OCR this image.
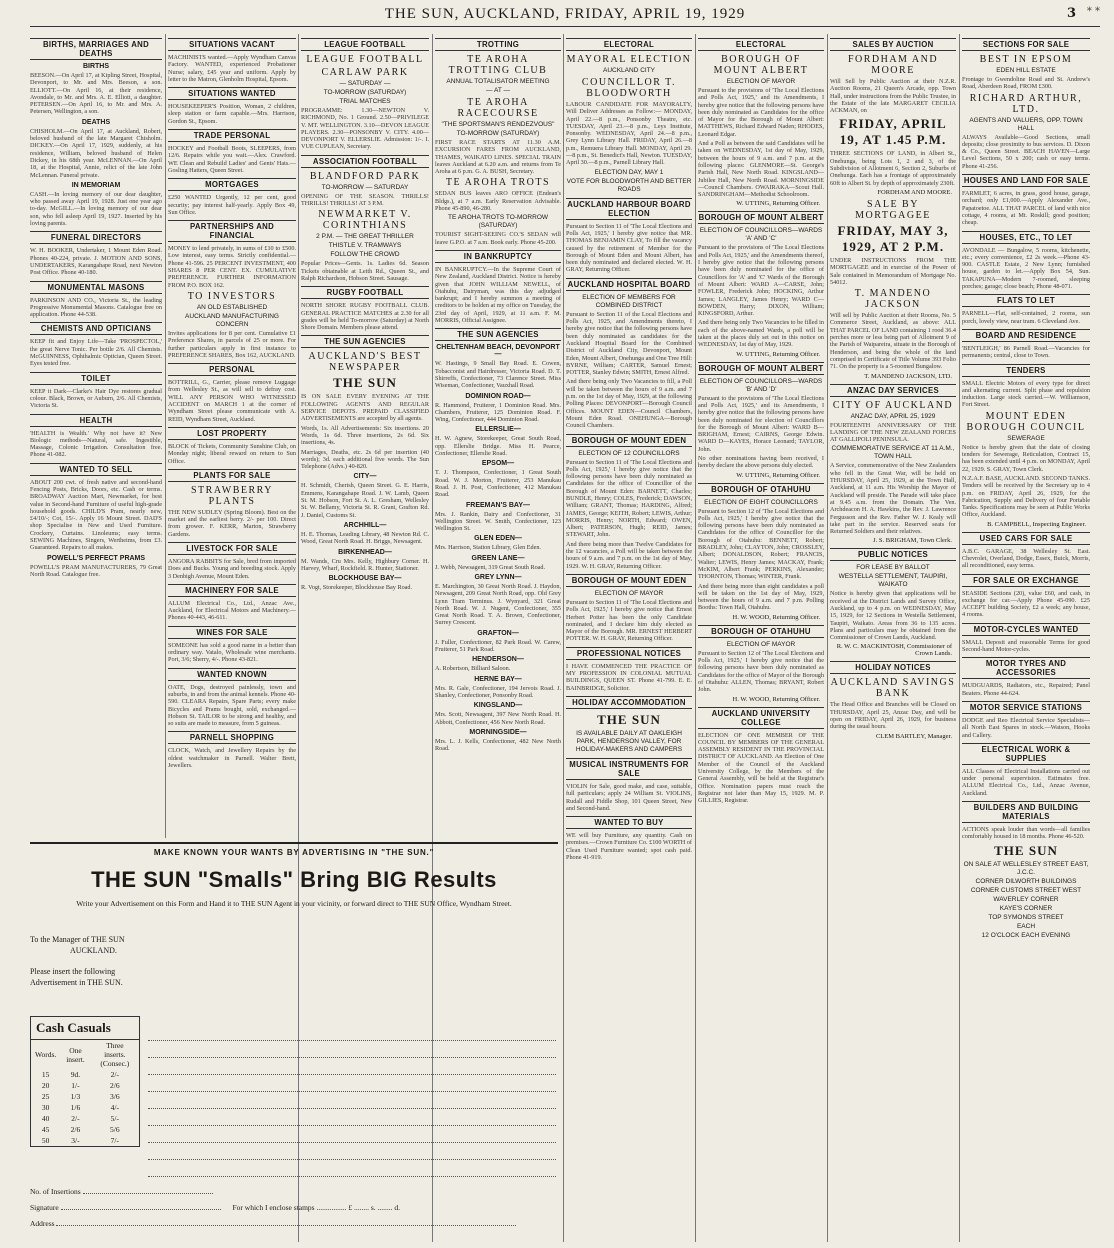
THE SUN, AUCKLAND, FRIDAY, APRIL 19, 1929	3 * *
BIRTHS, MARRIAGES AND DEATHS
BIRTHS
BEESON.—On April 17, at Kipling Street, Hospital, Devonport, to Mr. and Mrs. Beeson, a son. ELLIOTT.—On April 16, at their residence, Avondale, to Mr. and Mrs. A. E. Elliott, a daughter. PETERSEN.—On April 16, to Mr. and Mrs. A. Petersen, Wellington, a son.
DEATHS
CHISHOLM.—On April 17, at Auckland, Robert, beloved husband of the late Margaret Chisholm. DICKEY.—On April 17, 1929, suddenly, at his residence, William, beloved husband of Helen Dickey, in his 68th year. McLENNAN.—On April 18, at the Hospital, Annie, relict of the late John McLennan. Funeral private.
IN MEMORIAM
CASH.—In loving memory of our dear daughter, who passed away April 19, 1928. Just one year ago to-day. McGILL.—In loving memory of our dear son, who fell asleep April 19, 1927. Inserted by his loving parents.
FUNERAL DIRECTORS
W. H. BOOKER, Undertaker, 1 Mount Eden Road. Phones 40-224, private. J. MOTION AND SONS, UNDERTAKERS, Karangahape Road, next Newton Post Office. Phone 40-180.
MONUMENTAL MASONS
PARKINSON AND CO., Victoria St., the leading Progressive Monumental Masons. Catalogue free on application. Phone 44-538.
CHEMISTS AND OPTICIANS
KEEP fit and Enjoy Life—Take 'PROSPECTOL,' the great Nerve Tonic. Per bottle 2/6. All Chemists. McGUINNESS, Ophthalmic Optician, Queen Street. Eyes tested free.
TOILET
KEEP it Dark—Clarke's Hair Dye restores gradual colour. Black, Brown, or Auburn, 2/6. All Chemists, Victoria St.
HEALTH
'HEALTH is Wealth.' Why not have it? New Biologic methods—Natural, safe. Ingestible, Massage, Colonic Irrigation. Consultation free. Phone 41-082.
WANTED TO SELL
ABOUT 200 cwt. of fresh native and second-hand Fencing Posts, Bricks, Doors, etc. Cash or terms. BROADWAY Auction Mart, Newmarket, for best value in Second-hand Furniture of useful high-grade household goods. CHILD'S Pram, nearly new, £4/10/-; Cot, 15/-. Apply 16 Mount Street. DAD'S shop Specialise in New and Used Furniture. Crockery, Curtains. Linoleums; easy terms. SEWING Machines, Singers, Wertheims, from £3. Guaranteed. Repairs to all makes.
POWELL'S PERFECT PRAMS
POWELL'S PRAM MANUFACTURERS, 79 Great North Road. Catalogue free.
SITUATIONS VACANT
MACHINISTS wanted.—Apply Wyndham Canvas Factory. WANTED, experienced Probationer Nurse; salary, £45 year and uniform. Apply by letter to the Matron, Glenholm Hospital, Epsom.
SITUATIONS WANTED
HOUSEKEEPER'S Position, Woman, 2 children, sleep station or farm capable.—Mrs. Harrison, Gordon St., Epsom.
TRADE PERSONAL
HOCKEY and Football Boots, SLEEPERS, from 12/6. Repairs while you wait.—Alex. Crawford. WE Clean and Rebuild Ladies' and Gents' Hats.—Gosling Hatters, Queen Street.
MORTGAGES
£250 WANTED Urgently, 12 per cent, good security; pay interest half-yearly. Apply Box 49, Sun Office.
PARTNERSHIPS AND FINANCIAL
MONEY to lend privately, in sums of £10 to £500. Low interest, easy terms. Strictly confidential.—Phone 41-596. 25 PERCENT INVESTMENT, 400 SHARES 8 PER CENT. EX. CUMULATIVE PREFERENCE. FURTHER INFORMATION FROM P.O. BOX 162.
TO INVESTORS
AN OLD ESTABLISHED
AUCKLAND MANUFACTURING CONCERN
Invites applications for 8 per cent. Cumulative £1 Preference Shares, in parcels of 25 or more. For further particulars apply in first instance to PREFERENCE SHARES, Box 162, AUCKLAND.
PERSONAL
BOTTRILL, G., Carrier, please remove Luggage from Wellesley St., as will sell to defray cost. WILL ANY PERSON WHO WITNESSED ACCIDENT on MARCH 1 at the corner of Wyndham Street please communicate with A. REID, Wyndham Street, Auckland.
LOST PROPERTY
BLOCK of Tickets, Community Sunshine Club, on Monday night; liberal reward on return to Sun Office.
PLANTS FOR SALE
STRAWBERRY PLANTS
THE NEW SUDLEY (Spring Bloom). Best on the market and the earliest berry. 2/- per 100. Direct from grower. F. KERR, Marton, Strawberry Gardens.
LIVESTOCK FOR SALE
ANGORA RABBITS for Sale, bred from imported Does and Bucks. Young and breeding stock. Apply 3 Denbigh Avenue, Mount Eden.
MACHINERY FOR SALE
ALLUM Electrical Co., Ltd., Anzac Ave., Auckland, for Electrical Motors and Machinery.—Phones 40-443, 46-611.
WINES FOR SALE
SOMEONE has sold a good name in a better than ordinary way. Vatalo, Wholesale wine merchants. Port, 3/6; Sherry, 4/-. Phone 43-821.
WANTED KNOWN
OATE, Dogs, destroyed painlessly, town and suburbs, in and from the animal kennels. Phone 40-590. CLEARA Repairs, Spare Parts; every make Bicycles and Prams bought, sold, exchanged.—Hobson St. TAILOR to be strong and healthy, and so suits are made to measure, from 5 guineas.
PARNELL SHOPPING
CLOCK, Watch, and Jewellery Repairs by the oldest watchmaker in Parnell. Walter Brett, Jewellers.
LEAGUE FOOTBALL
LEAGUE FOOTBALL
CARLAW PARK
— SATURDAY —
TO-MORROW (SATURDAY)
TRIAL MATCHES
PROGRAMME: 1.30—NEWTON V. RICHMOND, No. 1 Ground. 2.50—PRIVILEGE V. MT. WELLINGTON. 3.10—DEVON LEAGUE PLAYERS. 2.30—PONSONBY V. CITY. 4.00—DEVONPORT V. ELLERSLIE. Admission: 1/-. I. VUE CUPLEAN, Secretary.
ASSOCIATION FOOTBALL
BLANDFORD PARK
TO-MORROW — SATURDAY
OPENING OF THE SEASON. THRILLS! THRILLS! THRILLS! AT 3 P.M.
NEWMARKET V. CORINTHIANS
2 P.M. — THE GREAT THRILLER
THISTLE V. TRAMWAYS
FOLLOW THE CROWD
Popular Prices—Gents. 1s. Ladies 6d. Season Tickets obtainable at Leith Rd., Queen St., and Ralph Richardson, Hobson Street. Sausage.
RUGBY FOOTBALL
NORTH SHORE RUGBY FOOTBALL CLUB. GENERAL PRACTICE MATCHES at 2.30 for all grades will be held To-morrow (Saturday) at North Shore Domain. Members please attend.
THE SUN AGENCIES
AUCKLAND'S BEST NEWSPAPER
THE SUN
IS ON SALE EVERY EVENING AT THE FOLLOWING AGENTS AND REGULAR SERVICE DEPOTS. PREPAID CLASSIFIED ADVERTISEMENTS are accepted by all agents.
Words, 1s. All Advertisements: Six insertions. 20 Words, 1s 6d. Three insertions, 2s 6d. Six insertions, 4s.
Marriages, Deaths, etc. 2s 6d per insertion (40 words); 3d. each additional five words. The Sun Telephone (Advs.) 40-820.
CITY—
H. Schmidt, Cherish, Queen Street. G. E. Harris, Emmens, Karangahape Road. J. W. Lamb, Queen St. M. Hobson, Fort St. A. L. Gresham, Wellesley St. W. Bellamy, Victoria St. R. Grant, Grafton Rd. J. Daniel, Customs St.
ARCHHILL—
H. E. Thomas, Leading Library, 48 Newton Rd. C. Wood, Great North Road. H. Briggs, Newsagent.
BIRKENHEAD—
M. Wands, Cru Mrs. Kelly, Highbury Corner. H. Harvey, Wharf, Rockfield. R. Hunter, Stationer.
BLOCKHOUSE BAY—
R. Vogt, Storekeeper, Blockhouse Bay Road.
TROTTING
TE AROHA TROTTING CLUB
ANNUAL TOTALISATOR MEETING
— AT —
TE AROHA RACECOURSE
"THE SPORTSMAN'S RENDEZVOUS"
TO-MORROW (SATURDAY)
FIRST RACE STARTS AT 11.30 A.M. EXCURSION FARES FROM AUCKLAND, THAMES, WAIKATO LINES. SPECIAL TRAIN leaves Auckland at 6.20 a.m. and returns from Te Aroha at 6 p.m. G. A. BUSH, Secretary.
TE AROHA TROTS
SEDAN BUS leaves ARO OFFICE (Endean's Bldgs.), at 7 a.m. Early Reservation Advisable. Phone 45-890, 46-280.
TE AROHA TROTS TO-MORROW (SATURDAY)
TOURIST SIGHT-SEEING CO.'S SEDAN will leave G.P.O. at 7 a.m. Book early. Phone 45-200.
IN BANKRUPTCY
IN BANKRUPTCY.—In the Supreme Court of New Zealand, Auckland District. Notice is hereby given that JOHN WILLIAM NEWELL, of Otahuhu, Dairyman, was this day adjudged bankrupt; and I hereby summon a meeting of creditors to be holden at my office on Tuesday, the 23rd day of April, 1929, at 11 a.m. F. M. MORRIS, Official Assignee.
THE SUN AGENCIES
CHELTENHAM BEACH, DEVONPORT—
W. Hastings, 9 Small Bay Road. E. Cowen, Tobacconist and Hairdresser, Victoria Road. D. T. Shirreffs, Confectioner, 73 Clarence Street. Miss Wiseman, Confectioner, Vauxhall Road.
DOMINION ROAD—
R. Hammond, Fruiterer, 1 Dominion Road. Mrs. Chambers, Fruiterer, 125 Dominion Road. F. Wing, Confectioner, 444 Dominion Road.
ELLERSLIE—
H. W. Agnew, Storekeeper, Great South Road, opp. Ellerslie Bridge. Miss H. Pearce, Confectioner, Ellerslie Road.
EPSOM—
T. J. Thompson, Confectioner, 1 Great South Road. W. J. Morton, Fruiterer, 253 Manukau Road. J. H. Post, Confectioner, 412 Manukau Road.
FREEMAN'S BAY—
Mrs. J. Rankin, Dairy and Confectioner, 31 Wellington Street. W. Smith, Confectioner, 123 Wellington St.
GLEN EDEN—
Mrs. Harrison, Station Library, Glen Eden.
GREEN LANE—
J. Webb, Newsagent, 319 Great South Road.
GREY LYNN—
E. Marchington, 30 Great North Road. J. Haydon, Newsagent, 209 Great North Road, opp. Old Grey Lynn Tram Terminus. J. Wynyard, 321 Great North Road. W. J. Nugent, Confectioner, 355 Great North Road. T. A. Brown, Confectioner, Surrey Crescent.
GRAFTON—
J. Fuller, Confectioner, 82 Park Road. W. Carew, Fruiterer, 51 Park Road.
HENDERSON—
A. Robertson, Billiard Saloon.
HERNE BAY—
Mrs. R. Gale, Confectioner, 194 Jervois Road. J. Shanley, Confectioner, Ponsonby Road.
KINGSLAND—
Mrs. Scott, Newsagent, 397 New North Road. H. Abbott, Confectioner, 456 New North Road.
MORNINGSIDE—
Mrs. L. J. Kells, Confectioner, 482 New North Road.
ELECTORAL
MAYORAL ELECTION
AUCKLAND CITY
COUNCILLOR T. BLOODWORTH
LABOUR CANDIDATE FOR MAYORALTY, Will Deliver Addresses as Follow:— MONDAY, April 22.—8 p.m., Ponsonby Theatre, etc. TUESDAY, April 23.—8 p.m., Leys Institute, Ponsonby. WEDNESDAY, April 24.—8 p.m., Grey Lynn Library Hall. FRIDAY, April 26.—8 p.m., Remuera Library Hall. MONDAY, April 29.—8 p.m., St. Benedict's Hall, Newton. TUESDAY, April 30.—8 p.m., Parnell Library Hall.
ELECTION DAY, MAY 1
VOTE FOR BLOODWORTH AND BETTER ROADS
AUCKLAND HARBOUR BOARD ELECTION
Pursuant to Section 11 of 'The Local Elections and Polls Act, 1925,' I hereby give notice that MR. THOMAS BENJAMIN CLAY, To fill the vacancy caused by the retirement of Member for the Borough of Mount Eden and Mount Albert, has been duly nominated and declared elected. W. H. GRAY, Returning Officer.
AUCKLAND HOSPITAL BOARD
ELECTION OF MEMBERS FOR COMBINED DISTRICT
Pursuant to Section 11 of the Local Elections and Polls Act, 1925, and Amendments thereto, I hereby give notice that the following persons have been duly nominated as candidates for the Auckland Hospital Board for the Combined District of Auckland City, Devonport, Mount Eden, Mount Albert, Onehunga and One Tree Hill: BYRNE, William; CARTER, Samuel Ernest; POTTER, Stanley Edwin; SMITH, Ernest Alfred.
And there being only Two Vacancies to fill, a Poll will be taken between the hours of 9 a.m. and 7 p.m. on the 1st day of May, 1929, at the following Polling Places: DEVONPORT—Borough Council Offices. MOUNT EDEN—Council Chambers, Mount Eden Road. ONEHUNGA—Borough Council Chambers.
BOROUGH OF MOUNT EDEN
ELECTION OF 12 COUNCILLORS
Pursuant to Section 11 of 'The Local Elections and Polls Act, 1925,' I hereby give notice that the following persons have been duly nominated as Candidates for the office of Councillor of the Borough of Mount Eden: BARNETT, Charles; BUNDLE, Henry; COLES, Frederick; DAWSON, William; GRANT, Thomas; HARDING, Alfred; JAMES, George; KEITH, Robert; LEWIS, Arthur; MORRIS, Henry; NORTH, Edward; OWEN, Albert; PATERSON, Hugh; REID, James; STEWART, John.
And there being more than Twelve Candidates for the 12 vacancies, a Poll will be taken between the hours of 9 a.m. and 7 p.m. on the 1st day of May, 1929. W. H. GRAY, Returning Officer.
BOROUGH OF MOUNT EDEN
ELECTION OF MAYOR
Pursuant to Section 11 of 'The Local Elections and Polls Act, 1925,' I hereby give notice that Ernest Herbert Potter has been the only Candidate nominated, and I declare him duly elected as Mayor of the Borough. MR. ERNEST HERBERT POTTER. W. H. GRAY, Returning Officer.
PROFESSIONAL NOTICES
I HAVE COMMENCED THE PRACTICE OF MY PROFESSION IN COLONIAL MUTUAL BUILDINGS, QUEEN ST. Phone 41-799. E. E. BAINBRIDGE, Solicitor.
HOLIDAY ACCOMMODATION
THE SUN
IS AVAILABLE DAILY AT OAKLEIGH PARK, HENDERSON VALLEY, FOR HOLIDAY-MAKERS AND CAMPERS
MUSICAL INSTRUMENTS FOR SALE
VIOLIN for Sale, good make, and case, suitable, full particulars; apply 24 William St. VIOLINS, Rudall and Fiddle Shop, 101 Queen Street, New and Second-hand.
WANTED TO BUY
WE will buy Furniture, any quantity. Cash on premises.—Crown Furniture Co. £100 WORTH of Clean Used Furniture wanted; spot cash paid. Phone 41-919.
ELECTORAL
BOROUGH OF MOUNT ALBERT
ELECTION OF MAYOR
Pursuant to the provisions of 'The Local Elections and Polls Act, 1925,' and its Amendments, I hereby give notice that the following persons have been duly nominated as Candidates for the office of Mayor for the Borough of Mount Albert: MATTHEWS, Richard Edward Naden; RHODES, Leonard Edgar.
And a Poll as between the said Candidates will be taken on WEDNESDAY, 1st day of May, 1929, between the hours of 9 a.m. and 7 p.m. at the following places: GLENMORE—St. George's Parish Hall, New North Road. KINGSLAND—Jubilee Hall, New North Road. MORNINGSIDE—Council Chambers. OWAIRAKA—Scout Hall. SANDRINGHAM—Methodist Schoolroom.
W. UTTING, Returning Officer.
BOROUGH OF MOUNT ALBERT
ELECTION OF COUNCILLORS—WARDS 'A' AND 'C'
Pursuant to the provisions of 'The Local Elections and Polls Act, 1925,' and the Amendments thereof, I hereby give notice that the following persons have been duly nominated for the office of Councillors for 'A' and 'C' Wards of the Borough of Mount Albert: WARD A—CARSE, John; FOWLER, Frederick John; HOCKING, Arthur James; LANGLEY, James Henry; WARD C—BOWDEN, Harry; DIXON, William; KINGSFORD, Arthur.
And there being only Two Vacancies to be filled in each of the above-named Wards, a poll will be taken at the places duly set out in this notice on WEDNESDAY, 1st day of May, 1929.
W. UTTING, Returning Officer.
BOROUGH OF MOUNT ALBERT
ELECTION OF COUNCILLORS—WARDS 'B' AND 'D'
Pursuant to the provisions of 'The Local Elections and Polls Act, 1925,' and its Amendments, I hereby give notice that the following persons have been duly nominated for election of Councillors for the Borough of Mount Albert: WARD B—BRIGHAM, Ernest; CAIRNS, George Edwin. WARD D—KAYES, Horace Leonard; TAYLOR, John.
No other nominations having been received, I hereby declare the above persons duly elected.
W. UTTING, Returning Officer.
BOROUGH OF OTAHUHU
ELECTION OF EIGHT COUNCILLORS
Pursuant to Section 12 of 'The Local Elections and Polls Act, 1925,' I hereby give notice that the following persons have been duly nominated as Candidates for the office of Councillor for the Borough of Otahuhu: BENNETT, Robert; BRADLEY, John; CLAYTON, John; CROSSLEY, Albert; DONALDSON, Robert; FRANCIS, Walter; LEWIS, Henry James; MACKAY, Frank; McKIM, Albert Frank; PERKINS, Alexander; THORNTON, Thomas; WINTER, Frank.
And there being more than eight candidates a poll will be taken on the 1st day of May, 1929, between the hours of 9 a.m. and 7 p.m. Polling Booths: Town Hall, Otahuhu.
H. W. WOOD, Returning Officer.
BOROUGH OF OTAHUHU
ELECTION OF MAYOR
Pursuant to Section 12 of 'The Local Elections and Polls Act, 1925,' I hereby give notice that the following persons have been duly nominated as Candidates for the office of Mayor of the Borough of Otahuhu: ALLEN, Thomas; BRYANT, Robert John.
H. W. WOOD, Returning Officer.
AUCKLAND UNIVERSITY COLLEGE
ELECTION OF ONE MEMBER OF THE COUNCIL BY MEMBERS OF THE GENERAL ASSEMBLY RESIDENT IN THE PROVINCIAL DISTRICT OF AUCKLAND. An Election of One Member of the Council of the Auckland University College, by the Members of the General Assembly, will be held at the Registrar's Office. Nomination papers must reach the Registrar not later than May 15, 1929. M. P. GILLIES, Registrar.
SALES BY AUCTION
FORDHAM AND MOORE
Will Sell by Public Auction at their N.Z.R. Auction Rooms, 21 Queen's Arcade, opp. Town Hall, under instructions from the Public Trustee, in the Estate of the late MARGARET CECILIA ACKMAN, on
FRIDAY, APRIL 19, AT 1.45 P.M.
THREE SECTIONS OF LAND, in Albert St., Onehunga, being Lots 1, 2 and 3, of the Subdivision of Allotment 6, Section 2, Suburbs of Onehunga. Each has a frontage of approximately 60ft to Albert St. by depth of approximately 230ft.
FORDHAM AND MOORE.
SALE BY MORTGAGEE
FRIDAY, MAY 3, 1929, AT 2 P.M.
UNDER INSTRUCTIONS FROM THE MORTGAGEE and in exercise of the Power of Sale contained in Memorandum of Mortgage No. 54012.
T. MANDENO JACKSON
Will sell by Public Auction at their Rooms, No. 5 Commerce Street, Auckland, as above: ALL THAT PARCEL OF LAND containing 1 rood 36.4 perches more or less being part of Allotment 9 of the Parish of Waipareira, situate in the Borough of Henderson, and being the whole of the land comprised in Certificate of Title Volume 393 Folio 71. On the property is a 5-roomed Bungalow.
T. MANDENO JACKSON, LTD.
ANZAC DAY SERVICES
CITY OF AUCKLAND
ANZAC DAY, APRIL 25, 1929
FOURTEENTH ANNIVERSARY OF THE LANDING OF THE NEW ZEALAND FORCES AT GALLIPOLI PENINSULA.
COMMEMORATIVE SERVICE AT 11 A.M., TOWN HALL
A Service, commemorative of the New Zealanders who fell in the Great War, will be held on THURSDAY, April 25, 1929, at the Town Hall, Auckland, at 11 a.m. His Worship the Mayor of Auckland will preside. The Parade will take place at 9.45 a.m. from the Domain. The Ven. Archdeacon H. A. Hawkins, the Rev. J. Lawrence Fergusson and the Rev. Father W. J. Kealy will take part in the service. Reserved seats for Returned Soldiers and their relatives.
J. S. BRIGHAM, Town Clerk.
PUBLIC NOTICES
FOR LEASE BY BALLOT
WESTELLA SETTLEMENT, TAUPIRI, WAIKATO
Notice is hereby given that applications will be received at the District Lands and Survey Office, Auckland, up to 4 p.m. on WEDNESDAY, May 15, 1929, for 12 Sections in Westella Settlement, Taupiri, Waikato. Areas from 36 to 135 acres. Plans and particulars may be obtained from the Commissioner of Crown Lands, Auckland.
R. W. C. MACKINTOSH, Commissioner of Crown Lands.
HOLIDAY NOTICES
AUCKLAND SAVINGS BANK
The Head Office and Branches will be Closed on THURSDAY, April 25, Anzac Day, and will be open on FRIDAY, April 26, 1929, for business during the usual hours.
CLEM BARTLEY, Manager.
SECTIONS FOR SALE
BEST IN EPSOM
EDEN HILL ESTATE
Frontage to Gwendoline Road and St. Andrew's Road, Aberdeen Road, FROM £300.
RICHARD ARTHUR, LTD.
AGENTS AND VALUERS, OPP. TOWN HALL
ALWAYS Available—Good Sections, small deposits; close proximity to bus services. D. Dixon & Co., Queen Street. BEACH HAVEN—Large Level Sections, 50 x 200; cash or easy terms. Phone 41-256.
HOUSES AND LAND FOR SALE
FARMLET, 6 acres, in grass, good house, garage, orchard; only £1,000.—Apply Alexander Ave., Papatoetoe. ALL THAT PARCEL of land with nice cottage, 4 rooms, at Mt. Roskill; good position; cheap.
HOUSES, ETC., TO LET
AVONDALE — Bungalow, 5 rooms, kitchenette, etc.; every convenience, £2 2s week.—Phone 43-900. CASTLE Estate, 2 New Lynn; furnished house, garden to let.—Apply Box 54, Sun. TAKAPUNA—Modern 7-roomed, sleeping porches; garage; close beach; Phone 48-071.
FLATS TO LET
PARNELL—Flat, self-contained, 2 rooms, sun porch, lovely view, near tram. 6 Cleveland Ave.
BOARD AND RESIDENCE
'BENTLEIGH,' 86 Parnell Road.—Vacancies for permanents; central, close to Town.
TENDERS
SMALL Electric Motors of every type for direct and alternating current. Split phase and repulsion induction. Large stock carried.—W. Williamson, Fort Street.
MOUNT EDEN BOROUGH COUNCIL
SEWERAGE
Notice is hereby given that the date of closing tenders for Sewerage, Reticulation, Contract 15, has been extended until 4 p.m. on MONDAY, April 22, 1929. S. GRAY, Town Clerk.
N.Z.A.F. BASE, AUCKLAND. SECOND TANKS. Tenders will be received by the Secretary up to 4 p.m. on FRIDAY, April 26, 1929, for the Fabrication, Supply and Delivery of four Portable Tanks. Specifications may be seen at Public Works Office, Auckland.
B. CAMPBELL, Inspecting Engineer.
USED CARS FOR SALE
A.B.C. GARAGE, 38 Wellesley St. East. Chevrolet, Overland, Dodge, Essex, Buick, Morris, all reconditioned, easy terms.
FOR SALE OR EXCHANGE
SEASIDE Sections (20), value £60, and cash, in exchange for car.—Apply Phone 45-090. £25 ACCEPT building Society, £2 a week; any house, 4 rooms.
MOTOR-CYCLES WANTED
SMALL Deposit and reasonable Terms for good Second-hand Motor-cycles.
MOTOR TYRES AND ACCESSORIES
MUDGUARDS, Radiators, etc., Repaired; Panel Beaters. Phone 44-624.
MOTOR SERVICE STATIONS
DODGE and Reo Electrical Service Specialists—all North East Spares in stock.—Watson, Hooks and Callery.
ELECTRICAL WORK & SUPPLIES
ALL Classes of Electrical Installations carried out under personal supervision. Estimates free. ALLUM Electrical Co., Ltd., Anzac Avenue, Auckland.
BUILDERS AND BUILDING MATERIALS
ACTIONS speak louder than words—all families comfortably housed in 18 months. Phone 46-520.
THE SUN
ON SALE AT WELLESLEY STREET EAST, J.C.C.
CORNER DILWORTH BUILDINGS
CORNER CUSTOMS STREET WEST
WAVERLEY CORNER
KAYE'S CORNER
TOP SYMONDS STREET
EACH
12 O'CLOCK EACH EVENING
MAKE KNOWN YOUR WANTS BY ADVERTISING IN "THE SUN."
THE SUN "Smalls" Bring BIG Results
Write your Advertisement on this Form and Hand it to THE SUN Agent in your vicinity, or forward direct to THE SUN Office, Wyndham Street.
To the Manager of THE SUN
AUCKLAND.
Please insert the following
Advertisement in THE SUN.
Cash Casuals
Words.	One insert.	Three inserts. (Consec.)
15	9d.	2/-
20	1/-	2/6
25	1/3	3/6
30	1/6	4/-
40	2/-	5/-
45	2/6	5/6
50	3/-	7/-
No. of Insertions
Signature	For which I enclose stamps ................ £ ........ s. ........ d.
Address
